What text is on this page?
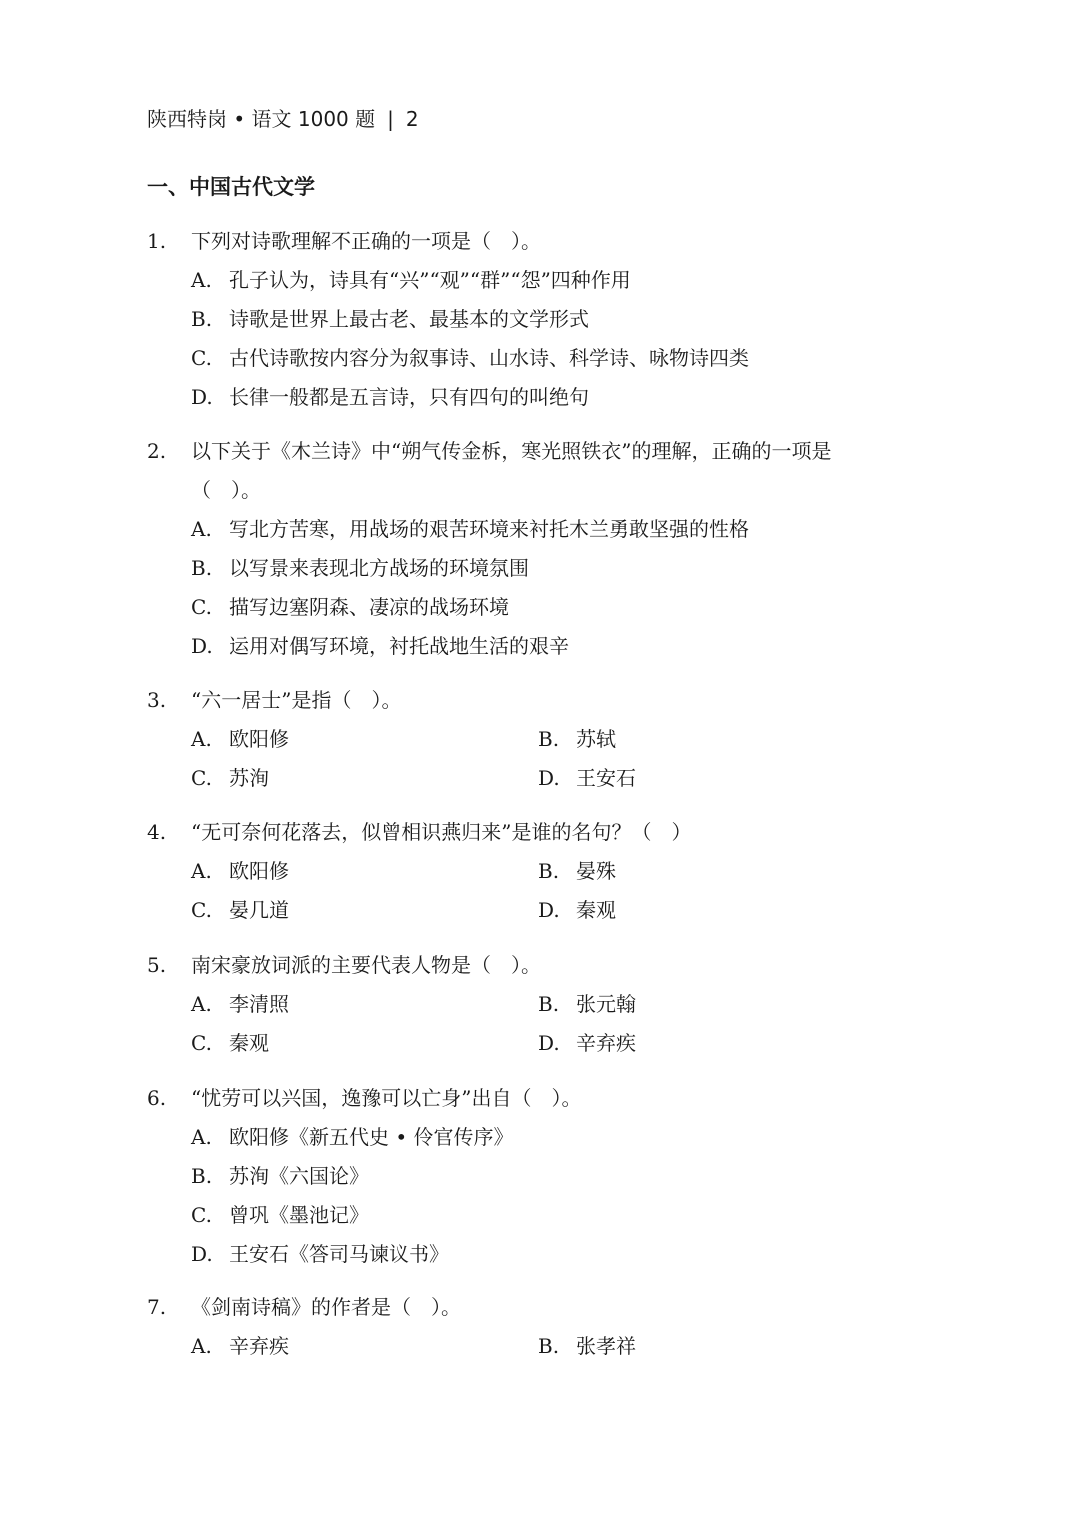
陕西特岗 • 语文 1000 题 | 2
一、中国古代文学
1.	下列对诗歌理解不正确的一项是（　）。
A. 孔子认为，诗具有“兴”“观”“群”“怨”四种作用
B. 诗歌是世界上最古老、最基本的文学形式
C. 古代诗歌按内容分为叙事诗、山水诗、科学诗、咏物诗四类
D. 长律一般都是五言诗，只有四句的叫绝句
2.	以下关于《木兰诗》中“朔气传金柝，寒光照铁衣”的理解，正确的一项是
（　）。
A. 写北方苦寒，用战场的艰苦环境来衬托木兰勇敢坚强的性格
B. 以写景来表现北方战场的环境氛围
C. 描写边塞阴森、凄凉的战场环境
D. 运用对偶写环境，衬托战地生活的艰辛
3.	“六一居士”是指（　）。
A. 欧阳修	B. 苏轼
C. 苏洵	D. 王安石
4.	“无可奈何花落去，似曾相识燕归来”是谁的名句？（　）
A. 欧阳修	B. 晏殊
C. 晏几道	D. 秦观
5.	南宋豪放词派的主要代表人物是（　）。
A. 李清照	B. 张元翰
C. 秦观	D. 辛弃疾
6.	“忧劳可以兴国，逸豫可以亡身”出自（　）。
A. 欧阳修《新五代史 • 伶官传序》
B. 苏洵《六国论》
C. 曾巩《墨池记》
D. 王安石《答司马谏议书》
7.	《剑南诗稿》的作者是（　）。
A. 辛弃疾	B. 张孝祥
